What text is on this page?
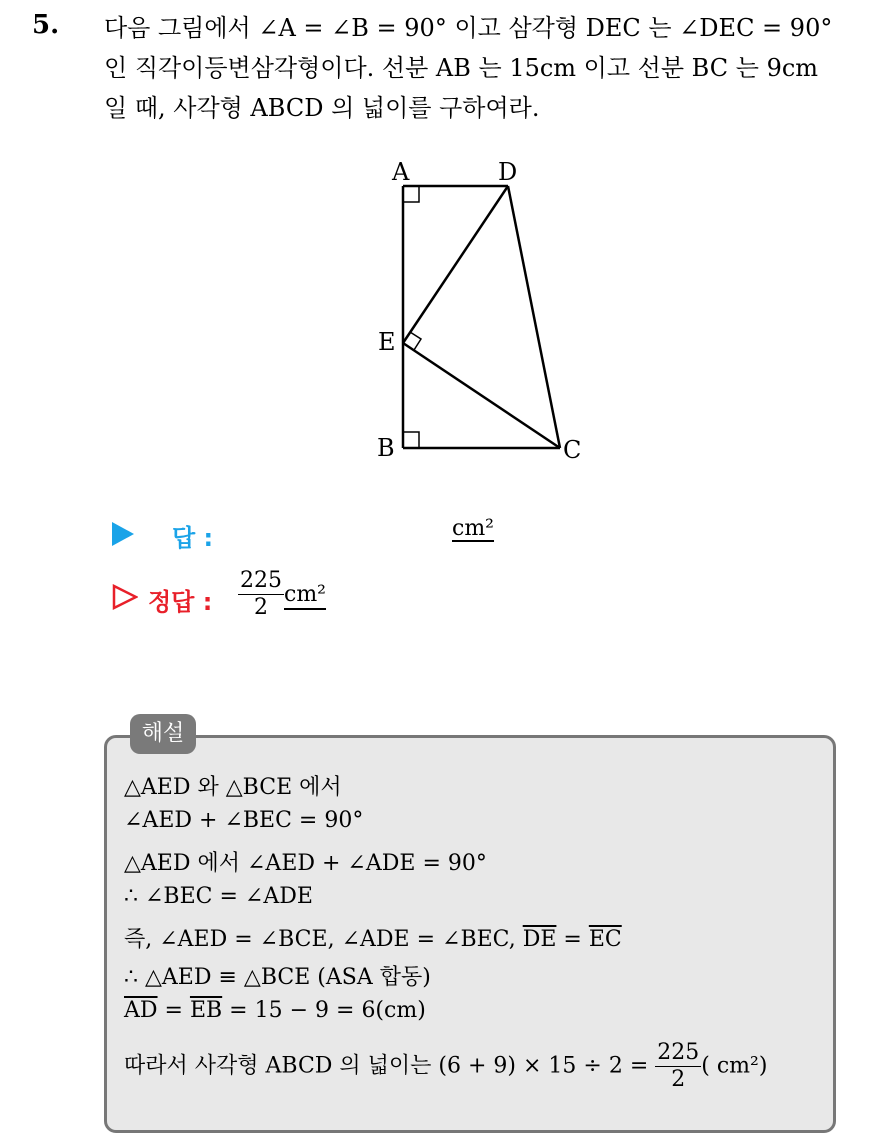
5. 다음 그림에서 ∠A = ∠B = 90° 이고 삼각형 DEC 는 ∠DEC = 90°
인 직각이등변삼각형이다. 선분 AB 는 15cm 이고 선분 BC 는 9cm
일 때, 사각형 ABCD 의 넓이를 구하여라.
A	D
E
B	C
답 :	cm²
정답 : $\frac{225}{2} cm^2$
해설
△AED 와 △BCE 에서
∠AED + ∠BEC = 90°
△AED 에서 ∠AED + ∠ADE = 90°
∴ ∠BEC = ∠ADE
즉, ∠AED = ∠BCE, ∠ADE = ∠BEC, $\overline{DE} = \overline{EC}$
∴ △AED ≡ △BCE (ASA 합동)
$\overline{AD} = \overline{EB} = 15 - 9 = 6(cm)$
따라서 사각형 ABCD 의 넓이는 $(6 + 9) \times 15 \div 2 = \frac{225}{2}$ ( cm²)
